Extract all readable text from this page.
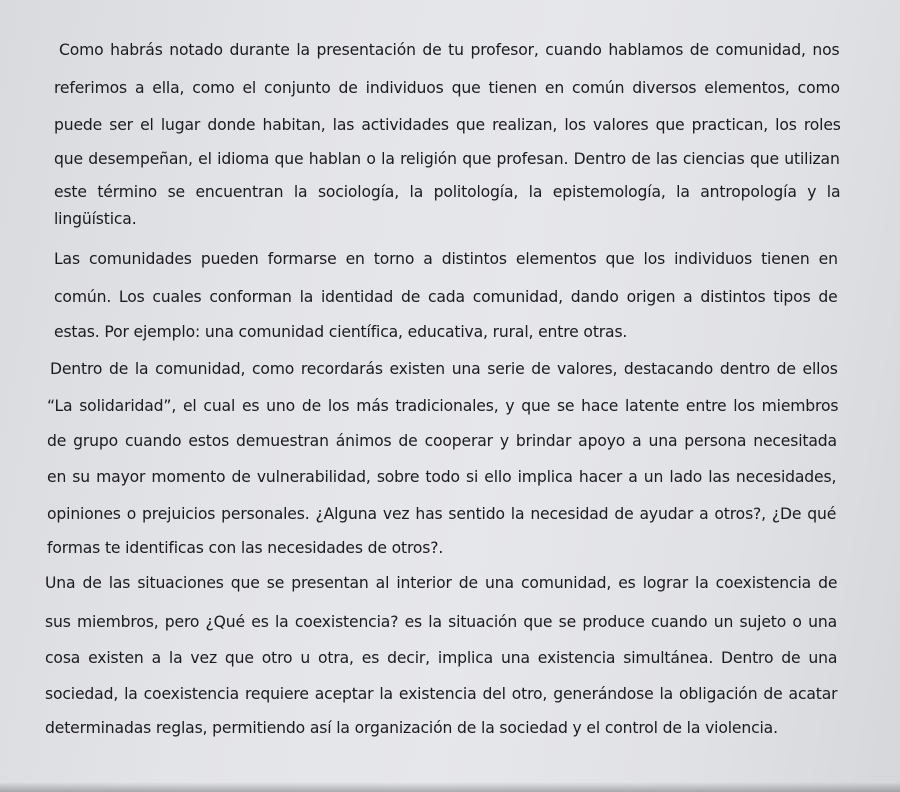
Como habrás notado durante la presentación de tu profesor, cuando hablamos de comunidad, nos
referimos a ella, como el conjunto de individuos que tienen en común diversos elementos, como
puede ser el lugar donde habitan, las actividades que realizan, los valores que practican, los roles
que desempeñan, el idioma que hablan o la religión que profesan. Dentro de las ciencias que utilizan
este término se encuentran la sociología, la politología, la epistemología, la antropología y la
lingüística.
Las comunidades pueden formarse en torno a distintos elementos que los individuos tienen en
común. Los cuales conforman la identidad de cada comunidad, dando origen a distintos tipos de
estas. Por ejemplo: una comunidad científica, educativa, rural, entre otras.
Dentro de la comunidad, como recordarás existen una serie de valores, destacando dentro de ellos
“La solidaridad”, el cual es uno de los más tradicionales, y que se hace latente entre los miembros
de grupo cuando estos demuestran ánimos de cooperar y brindar apoyo a una persona necesitada
en su mayor momento de vulnerabilidad, sobre todo si ello implica hacer a un lado las necesidades,
opiniones o prejuicios personales. ¿Alguna vez has sentido la necesidad de ayudar a otros?, ¿De qué
formas te identificas con las necesidades de otros?.
Una de las situaciones que se presentan al interior de una comunidad, es lograr la coexistencia de
sus miembros, pero ¿Qué es la coexistencia? es la situación que se produce cuando un sujeto o una
cosa existen a la vez que otro u otra, es decir, implica una existencia simultánea. Dentro de una
sociedad, la coexistencia requiere aceptar la existencia del otro, generándose la obligación de acatar
determinadas reglas, permitiendo así la organización de la sociedad y el control de la violencia.
